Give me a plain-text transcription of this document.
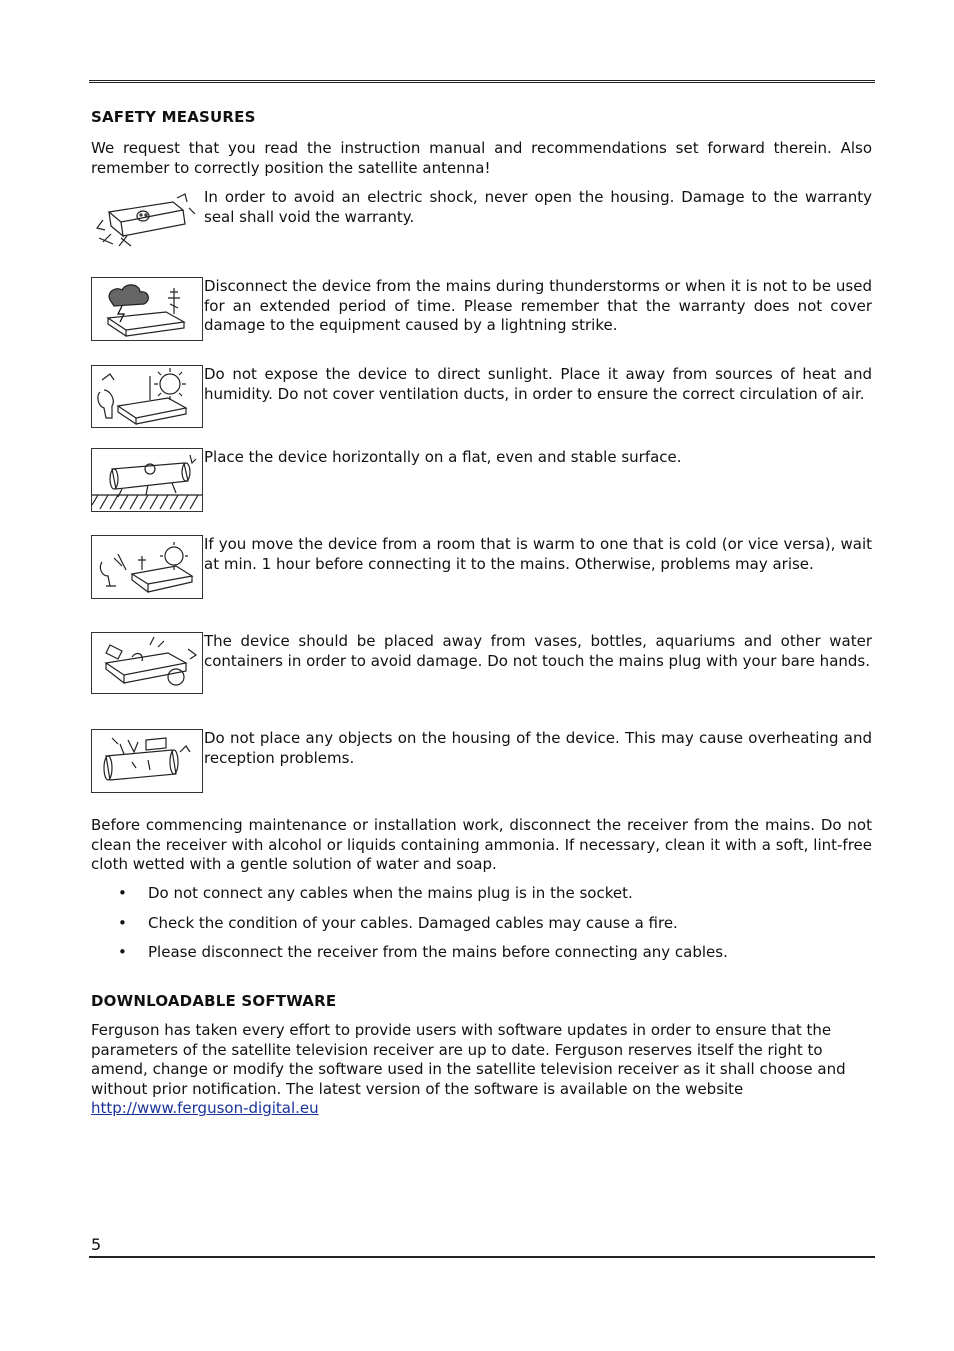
SAFETY MEASURES

We request that you read the instruction manual and recommendations set forward therein. Also remember to correctly position the satellite antenna!

In order to avoid an electric shock, never open the housing. Damage to the warranty seal shall void the warranty.
Disconnect the device from the mains during thunderstorms or when it is not to be used for an extended period of time. Please remember that the warranty does not cover damage to the equipment caused by a lightning strike.
Do not expose the device to direct sunlight. Place it away from sources of heat and humidity. Do not cover ventilation ducts, in order to ensure the correct circulation of air.
Place the device horizontally on a flat, even and stable surface.
If you move the device from a room that is warm to one that is cold (or vice versa), wait at min. 1 hour before connecting it to the mains. Otherwise, problems may arise.
The device should be placed away from vases, bottles, aquariums and other water containers in order to avoid damage. Do not touch the mains plug with your bare hands.
Do not place any objects on the housing of the device. This may cause overheating and reception problems.

Before commencing maintenance or installation work, disconnect the receiver from the mains. Do not clean the receiver with alcohol or liquids containing ammonia. If necessary, clean it with a soft, lint-free cloth wetted with a gentle solution of water and soap.

• Do not connect any cables when the mains plug is in the socket.
• Check the condition of your cables. Damaged cables may cause a fire.
• Please disconnect the receiver from the mains before connecting any cables.
DOWNLOADABLE SOFTWARE

Ferguson has taken every effort to provide users with software updates in order to ensure that the parameters of the satellite television receiver are up to date. Ferguson reserves itself the right to amend, change or modify the software used in the satellite television receiver as it shall choose and without prior notification. The latest version of the software is available on the website http://www.ferguson-digital.eu

5
